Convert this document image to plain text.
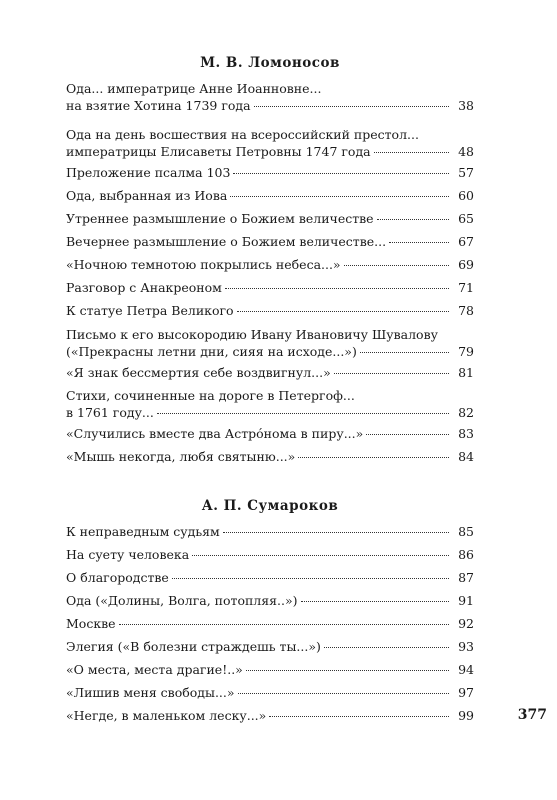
М. В. Ломоносов
Ода... императрице Анне Иоанновне...
на взятие Хотина 1739 года	38
Ода на день восшествия на всероссийский престол...
императрицы Елисаветы Петровны 1747 года	48
Преложение псалма 103	57
Ода, выбранная из Иова	60
Утреннее размышление о Божием величестве	65
Вечернее размышление о Божием величестве...	67
«Ночною темнотою покрылись небеса...»	69
Разговор с Анакреоном	71
К статуе Петра Великого	78
Письмо к его высокородию Ивану Ивановичу Шувалову
(«Прекрасны летни дни, сияя на исходе...»)	79
«Я знак бессмертия себе воздвигнул...»	81
Стихи, сочиненные на дороге в Петергоф...
в 1761 году...	82
«Случились вместе два Астрóнома в пиру...»	83
«Мышь некогда, любя святыню...»	84
А. П. Сумароков
К неправедным судьям	85
На суету человека	86
О благородстве	87
Ода («Долины, Волга, потопляя..»)	91
Москве	92
Элегия («В болезни страждешь ты...»)	93
«О места, места драгие!..»	94
«Лишив меня свободы...»	97
«Негде, в маленьком леску...»	99	377
